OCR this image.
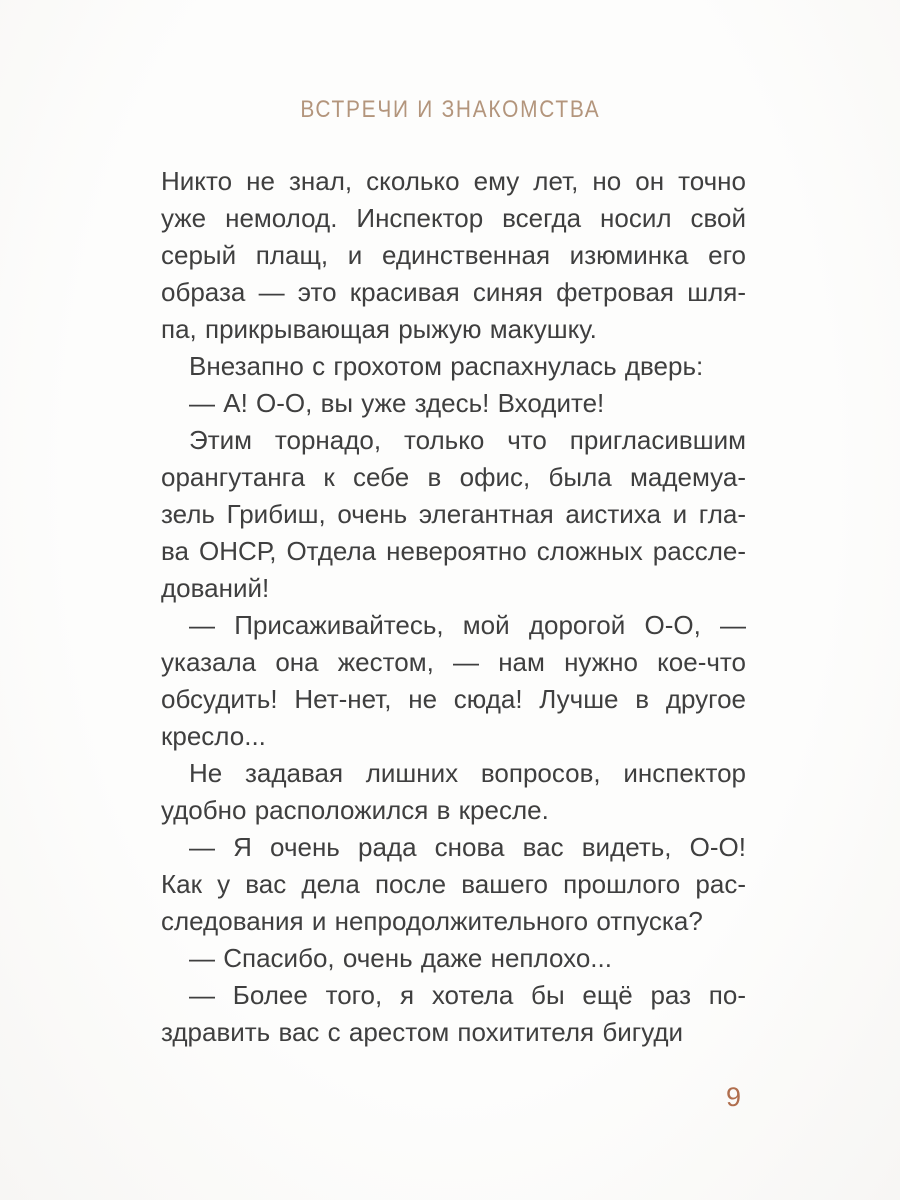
ВСТРЕЧИ И ЗНАКОМСТВА
Никто не знал, сколько ему лет, но он точно
уже немолод. Инспектор всегда носил свой
серый плащ, и единственная изюминка его
образа — это красивая синяя фетровая шля-
па, прикрывающая рыжую макушку.
Внезапно с грохотом распахнулась дверь:
— А! О-О, вы уже здесь! Входите!
Этим торнадо, только что пригласившим
орангутанга к себе в офис, была мадемуа-
зель Грибиш, очень элегантная аистиха и гла-
ва ОНСР, Отдела невероятно сложных рассле-
дований!
— Присаживайтесь, мой дорогой О-О, —
указала она жестом, — нам нужно кое-что
обсудить! Нет-нет, не сюда! Лучше в другое
кресло...
Не задавая лишних вопросов, инспектор
удобно расположился в кресле.
— Я очень рада снова вас видеть, О-О!
Как у вас дела после вашего прошлого рас-
следования и непродолжительного отпуска?
— Спасибо, очень даже неплохо...
— Более того, я хотела бы ещё раз по-
здравить вас с арестом похитителя бигуди
9
